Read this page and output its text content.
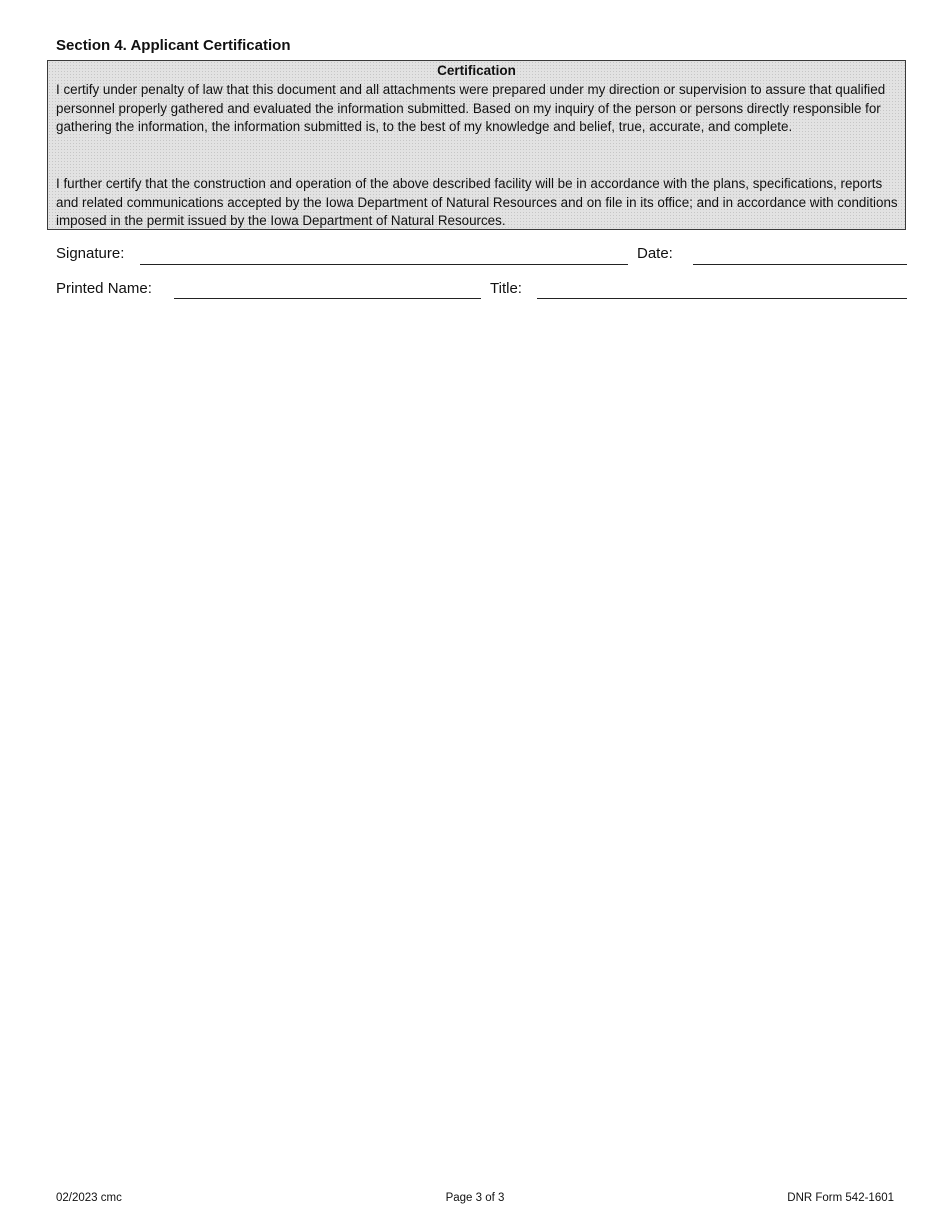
Section 4. Applicant Certification
Certification

I certify under penalty of law that this document and all attachments were prepared under my direction or supervision to assure that qualified personnel properly gathered and evaluated the information submitted. Based on my inquiry of the person or persons directly responsible for gathering the information, the information submitted is, to the best of my knowledge and belief, true, accurate, and complete.

I further certify that the construction and operation of the above described facility will be in accordance with the plans, specifications, reports and related communications accepted by the Iowa Department of Natural Resources and on file in its office; and in accordance with conditions imposed in the permit issued by the Iowa Department of Natural Resources.

Signature:	Date:
Printed Name:	Title:
02/2023 cmc	Page 3 of 3	DNR Form 542-1601
